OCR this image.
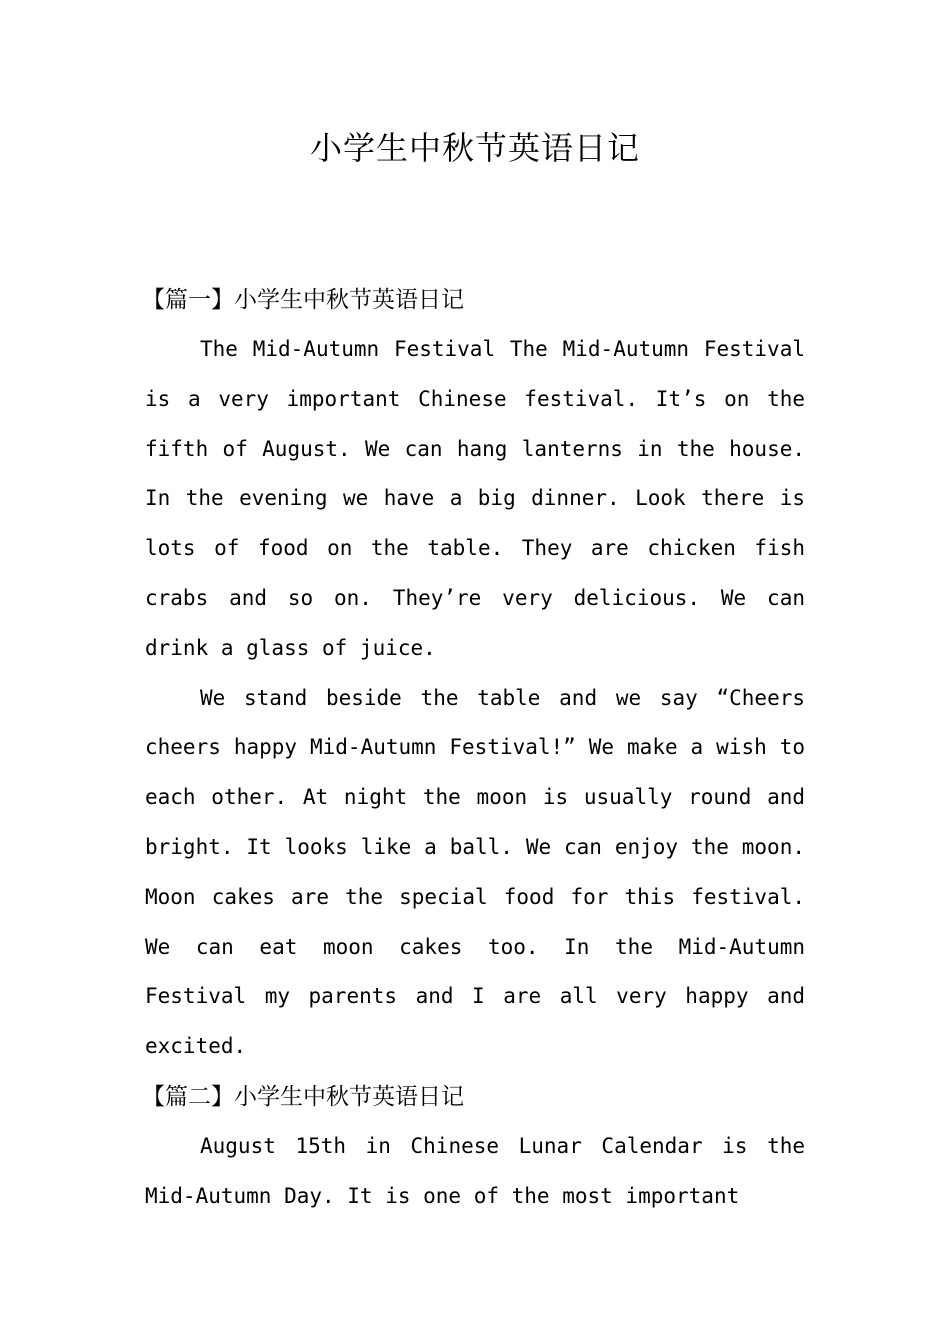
小学生中秋节英语日记
【篇一】小学生中秋节英语日记

The Mid-Autumn Festival The Mid-Autumn Festival is a very important Chinese festival. It’s on the fifth of August. We can hang lanterns in the house. In the evening we have a big dinner. Look there is lots of food on the table. They are chicken fish crabs and so on. They’re very delicious. We can drink a glass of juice.

We stand beside the table and we say “Cheers cheers happy Mid-Autumn Festival!” We make a wish to each other. At night the moon is usually round and bright. It looks like a ball. We can enjoy the moon. Moon cakes are the special food for this festival. We can eat moon cakes too. In the Mid-Autumn Festival my parents and I are all very happy and excited.

【篇二】小学生中秋节英语日记

August 15th in Chinese Lunar Calendar is the Mid-Autumn Day. It is one of the most important
